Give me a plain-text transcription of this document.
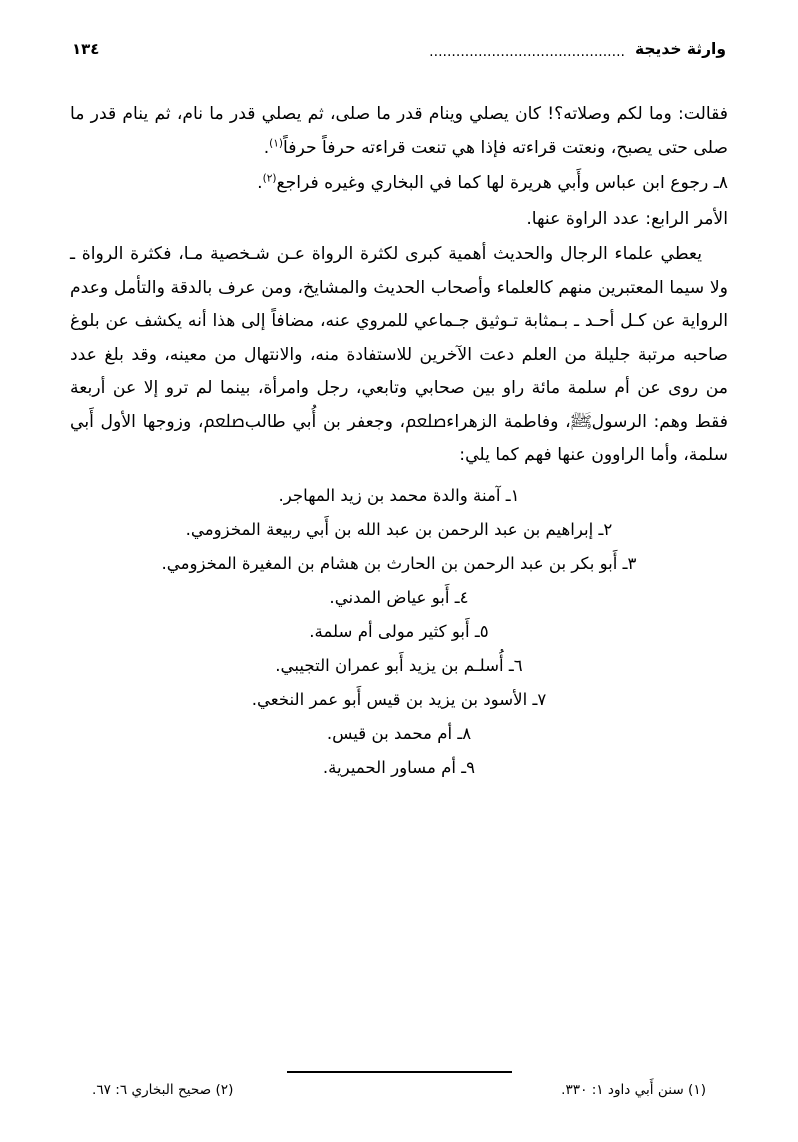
وارثة خديجة
............................................
١٣٤

فقالت: وما لكم وصلاته؟! كان يصلي وينام قدر ما صلى، ثم يصلي قدر ما نام، ثم ينام قدر ما صلى حتى يصبح، ونعتت قراءته فإذا هي تنعت قراءته حرفاً حرفاً$^{(١)}$.

٨ـ رجوع ابن عباس وأَبي هريرة لها كما في البخاري وغيره فراجع$^{(٢)}$.

الأمر الرابع: عدد الراوة عنها.

يعطي علماء الرجال والحديث أهمية كبرى لكثرة الرواة عـن شـخصية مـا، فكثرة الرواة ـ ولا سيما المعتبرين منهم كالعلماء وأصحاب الحديث والمشايخ، ومن عرف بالدقة والتأمل وعدم الرواية عن كـل أحـد ـ بـمثابة تـوثيق جـماعي للمروي عنه، مضافاً إلى هذا أنه يكشف عن بلوغ صاحبه مرتبة جليلة من العلم دعت الآخرين للاستفادة منه، والانتهال من معينه، وقد بلغ عدد من روى عن أم سلمة مائة راو بين صحابي وتابعي، رجل وامرأة، بينما لم ترو إلا عن أربعة فقط وهم: الرسولﷺ، وفاطمة الزهراءﷵ، وجعفر بن أُبي طالبﷵ، وزوجها الأول أَبي سلمة، وأما الراوون عنها فهم كما يلي:

١ـ آمنة والدة محمد بن زيد المهاجر.
٢ـ إبراهيم بن عبد الرحمن بن عبد الله بن أَبي ربيعة المخزومي.
٣ـ أَبو بكر بن عبد الرحمن بن الحارث بن هشام بن المغيرة المخزومي.
٤ـ أَبو عياض المدني.
٥ـ أَبو كثير مولى أم سلمة.
٦ـ أُسلـم بن يزيد أَبو عمران التجيبي.
٧ـ الأسود بن يزيد بن قيس أَبو عمر النخعي.
٨ـ أم محمد بن قيس.
٩ـ أم مساور الحميرية.
(١) سنن أَبي داود ١: ٣٣٠.
(٢) صحيح البخاري ٦: ٦٧.
